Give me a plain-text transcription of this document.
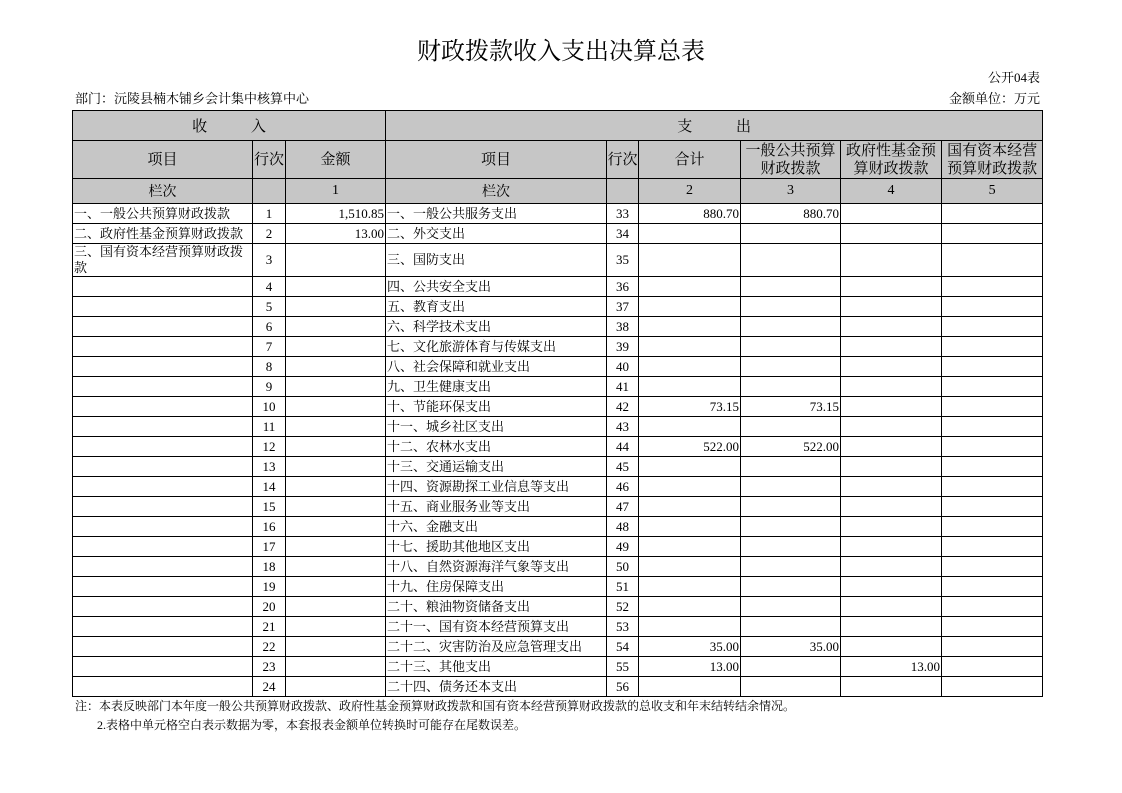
财政拨款收入支出决算总表
公开04表
部门：沅陵县楠木铺乡会计集中核算中心	金额单位：万元
收 入			支 出					
项目	行次	金额	项目	行次	合计	一般公共预算财政拨款	政府性基金预算财政拨款	国有资本经营预算财政拨款
栏次		1	栏次		2	3	4	5
一、一般公共预算财政拨款	1	1,510.85	一、一般公共服务支出	33	880.70	880.70		
二、政府性基金预算财政拨款	2	13.00	二、外交支出	34				
三、国有资本经营预算财政拨款	3		三、国防支出	35				
	4		四、公共安全支出	36				
	5		五、教育支出	37				
	6		六、科学技术支出	38				
	7		七、文化旅游体育与传媒支出	39				
	8		八、社会保障和就业支出	40				
	9		九、卫生健康支出	41				
	10		十、节能环保支出	42	73.15	73.15		
	11		十一、城乡社区支出	43				
	12		十二、农林水支出	44	522.00	522.00		
	13		十三、交通运输支出	45				
	14		十四、资源勘探工业信息等支出	46				
	15		十五、商业服务业等支出	47				
	16		十六、金融支出	48				
	17		十七、援助其他地区支出	49				
	18		十八、自然资源海洋气象等支出	50				
	19		十九、住房保障支出	51				
	20		二十、粮油物资储备支出	52				
	21		二十一、国有资本经营预算支出	53				
	22		二十二、灾害防治及应急管理支出	54	35.00	35.00		
	23		二十三、其他支出	55	13.00		13.00	
	24		二十四、债务还本支出	56				
注：本表反映部门本年度一般公共预算财政拨款、政府性基金预算财政拨款和国有资本经营预算财政拨款的总收支和年末结转结余情况。
2.表格中单元格空白表示数据为零，本套报表金额单位转换时可能存在尾数误差。
